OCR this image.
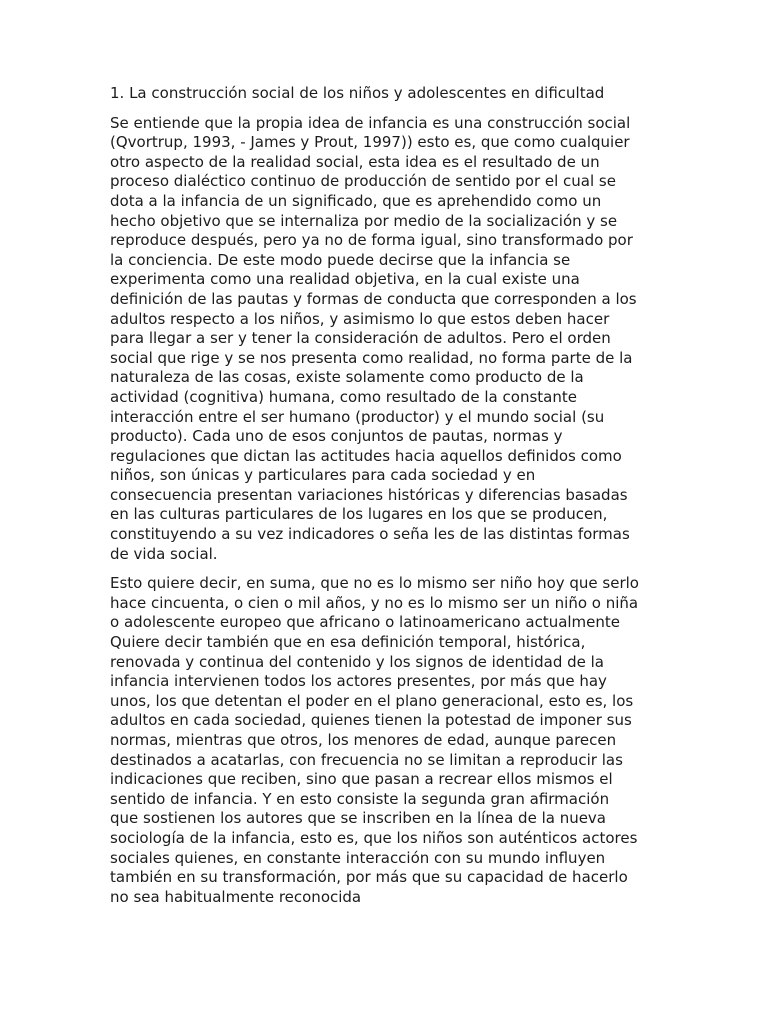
1. La construcción social de los niños y adolescentes en dificultad
Se entiende que la propia idea de infancia es una construcción social
(Qvortrup, 1993, - James y Prout, 1997)) esto es, que como cualquier
otro aspecto de la realidad social, esta idea es el resultado de un
proceso dialéctico continuo de producción de sentido por el cual se
dota a la infancia de un significado, que es aprehendido como un
hecho objetivo que se internaliza por medio de la socialización y se
reproduce después, pero ya no de forma igual, sino transformado por
la conciencia. De este modo puede decirse que la infancia se
experimenta como una realidad objetiva, en la cual existe una
definición de las pautas y formas de conducta que corresponden a los
adultos respecto a los niños, y asimismo lo que estos deben hacer
para llegar a ser y tener la consideración de adultos. Pero el orden
social que rige y se nos presenta como realidad, no forma parte de la
naturaleza de las cosas, existe solamente como producto de la
actividad (cognitiva) humana, como resultado de la constante
interacción entre el ser humano (productor) y el mundo social (su
producto). Cada uno de esos conjuntos de pautas, normas y
regulaciones que dictan las actitudes hacia aquellos definidos como
niños, son únicas y particulares para cada sociedad y en
consecuencia presentan variaciones históricas y diferencias basadas
en las culturas particulares de los lugares en los que se producen,
constituyendo a su vez indicadores o seña les de las distintas formas
de vida social.
Esto quiere decir, en suma, que no es lo mismo ser niño hoy que serlo
hace cincuenta, o cien o mil años, y no es lo mismo ser un niño o niña
o adolescente europeo que africano o latinoamericano actualmente
Quiere decir también que en esa definición temporal, histórica,
renovada y continua del contenido y los signos de identidad de la
infancia intervienen todos los actores presentes, por más que hay
unos, los que detentan el poder en el plano generacional, esto es, los
adultos en cada sociedad, quienes tienen la potestad de imponer sus
normas, mientras que otros, los menores de edad, aunque parecen
destinados a acatarlas, con frecuencia no se limitan a reproducir las
indicaciones que reciben, sino que pasan a recrear ellos mismos el
sentido de infancia. Y en esto consiste la segunda gran afirmación
que sostienen los autores que se inscriben en la línea de la nueva
sociología de la infancia, esto es, que los niños son auténticos actores
sociales quienes, en constante interacción con su mundo influyen
también en su transformación, por más que su capacidad de hacerlo
no sea habitualmente reconocida
